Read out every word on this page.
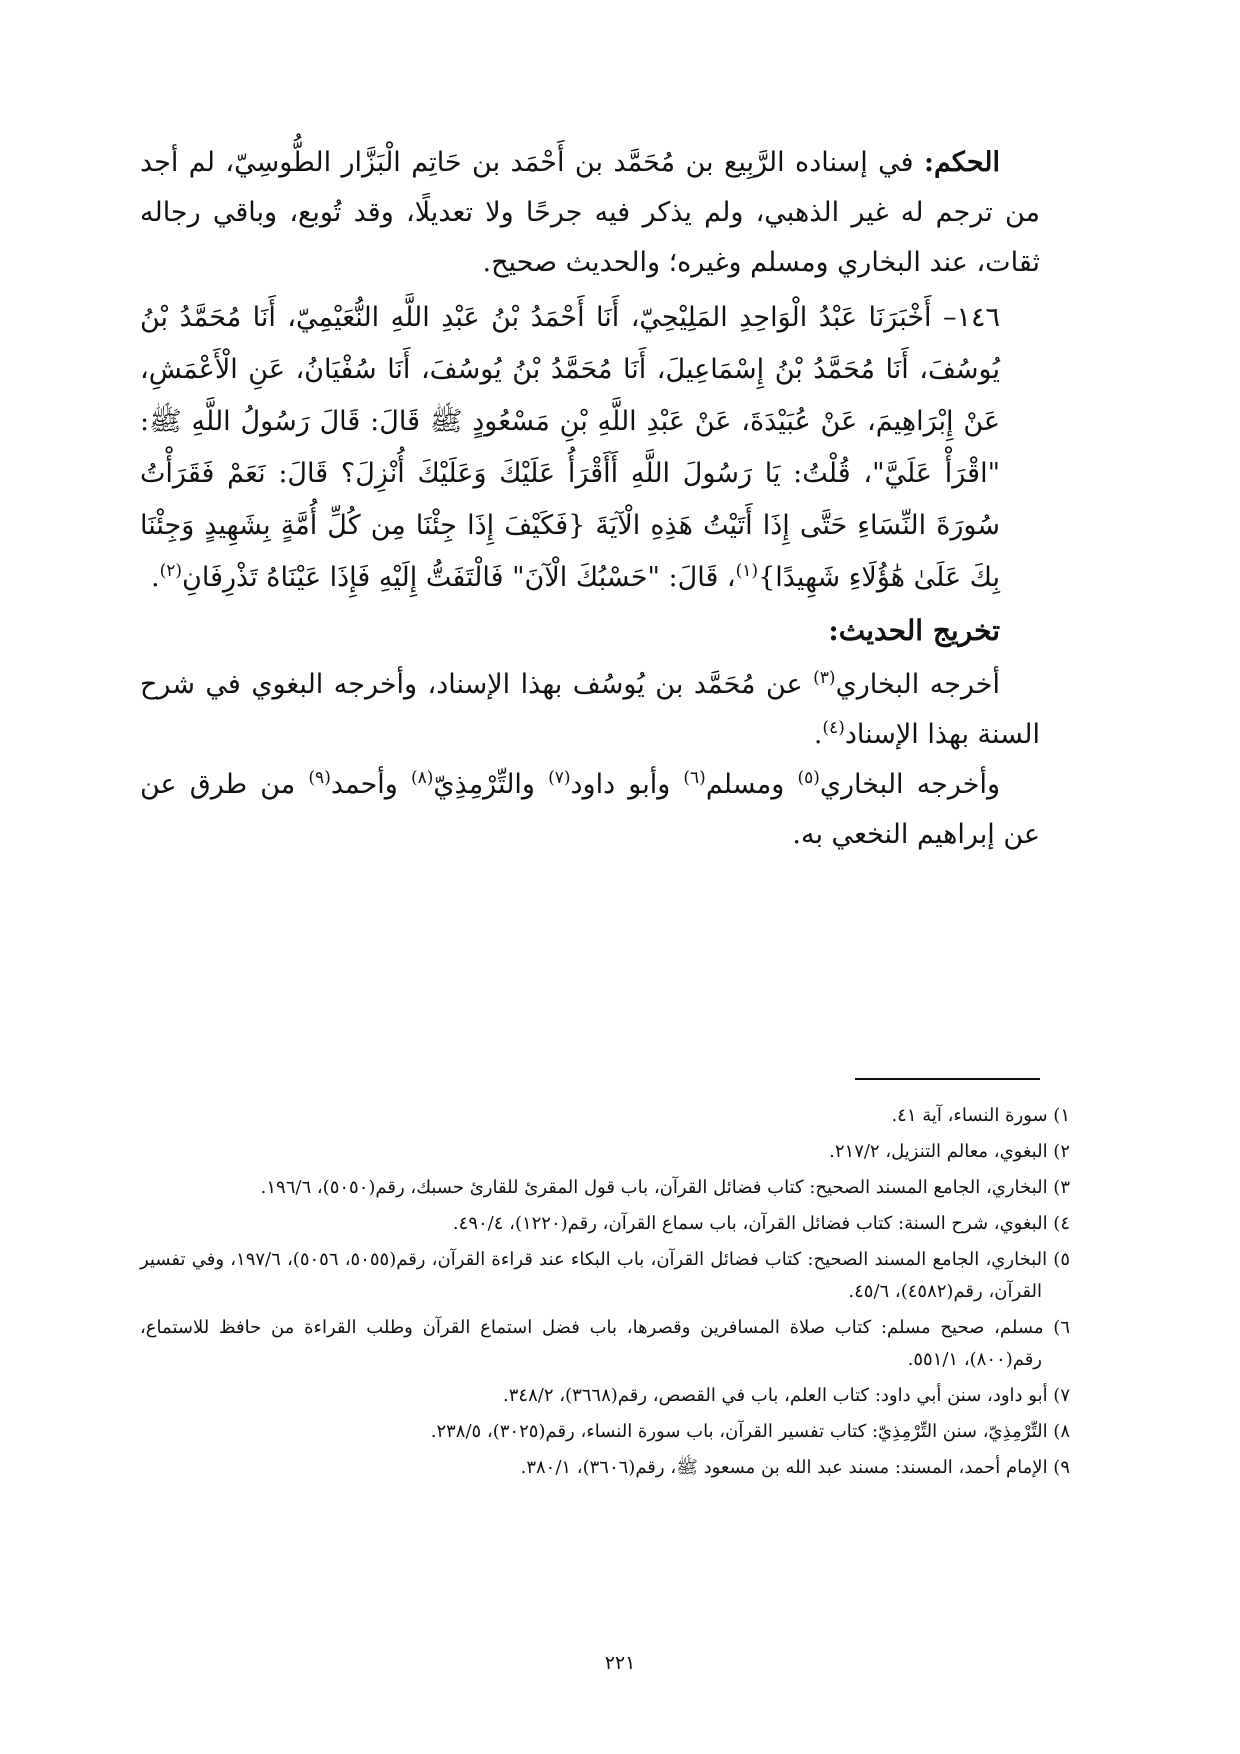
الحكم: في إسناده الرَّبِيع بن مُحَمَّد بن أَحْمَد بن حَاتِم الْبَزَّار الطُّوسِيّ، لم أجد من ترجم له غير الذهبي، ولم يذكر فيه جرحًا ولا تعديلًا، وقد تُوبع، وباقي رجاله ثقات، عند البخاري ومسلم وغيره؛ والحديث صحيح.

١٤٦– أَخْبَرَنَا عَبْدُ الْوَاحِدِ المَلِيْحِيّ، أَنَا أَحْمَدُ بْنُ عَبْدِ اللَّهِ النُّعَيْمِيّ، أَنَا مُحَمَّدُ بْنُ يُوسُفَ، أَنَا مُحَمَّدُ بْنُ إِسْمَاعِيلَ، أَنَا مُحَمَّدُ بْنُ يُوسُفَ، أَنَا سُفْيَانُ، عَنِ الْأَعْمَشِ، عَنْ إِبْرَاهِيمَ، عَنْ عُبَيْدَةَ، عَنْ عَبْدِ اللَّهِ بْنِ مَسْعُودٍ ﷺ قَالَ: قَالَ رَسُولُ اللَّهِ ﷺ: "اقْرَأْ عَلَيَّ"، قُلْتُ: يَا رَسُولَ اللَّهِ أَأَقْرَأُ عَلَيْكَ وَعَلَيْكَ أُنْزِلَ؟ قَالَ: نَعَمْ فَقَرَأْتُ سُورَةَ النِّسَاءِ حَتَّى إِذَا أَتَيْتُ هَذِهِ الْآيَةَ {فَكَيْفَ إِذَا جِئْنَا مِن كُلِّ أُمَّةٍ بِشَهِيدٍ وَجِئْنَا بِكَ عَلَىٰ هَٰؤُلَاءِ شَهِيدًا}$^{(١)}$، قَالَ: "حَسْبُكَ الْآنَ" فَالْتَفَتُّ إِلَيْهِ فَإِذَا عَيْنَاهُ تَذْرِفَانِ$^{(٢)}$.

تخريج الحديث:

أخرجه البخاري$^{(٣)}$ عن مُحَمَّد بن يُوسُف بهذا الإسناد، وأخرجه البغوي في شرح السنة بهذا الإسناد$^{(٤)}$.

وأخرجه البخاري$^{(٥)}$ ومسلم$^{(٦)}$ وأبو داود$^{(٧)}$ والتِّرْمِذِيّ$^{(٨)}$ وأحمد$^{(٩)}$ من طرق عن عن إبراهيم النخعي به.

١) سورة النساء، آية ٤١.

٢) البغوي، معالم التنزيل، ٢١٧/٢.

٣) البخاري، الجامع المسند الصحيح: كتاب فضائل القرآن، باب قول المقرئ للقارئ حسبك، رقم(٥٠٥٠)، ١٩٦/٦.

٤) البغوي، شرح السنة: كتاب فضائل القرآن، باب سماع القرآن، رقم(١٢٢٠)، ٤٩٠/٤.

٥) البخاري، الجامع المسند الصحيح: كتاب فضائل القرآن، باب البكاء عند قراءة القرآن، رقم(٥٠٥٥، ٥٠٥٦)، ١٩٧/٦، وفي تفسير القرآن، رقم(٤٥٨٢)، ٤٥/٦.

٦) مسلم، صحيح مسلم: كتاب صلاة المسافرين وقصرها، باب فضل استماع القرآن وطلب القراءة من حافظ للاستماع، رقم(٨٠٠)، ٥٥١/١.

٧) أبو داود، سنن أبي داود: كتاب العلم، باب في القصص، رقم(٣٦٦٨)، ٣٤٨/٢.

٨) التِّرْمِذِيّ، سنن التِّرْمِذِيّ: كتاب تفسير القرآن، باب سورة النساء، رقم(٣٠٢٥)، ٢٣٨/٥.

٩) الإمام أحمد، المسند: مسند عبد الله بن مسعود ﷺ، رقم(٣٦٠٦)، ٣٨٠/١.

٢٢١
